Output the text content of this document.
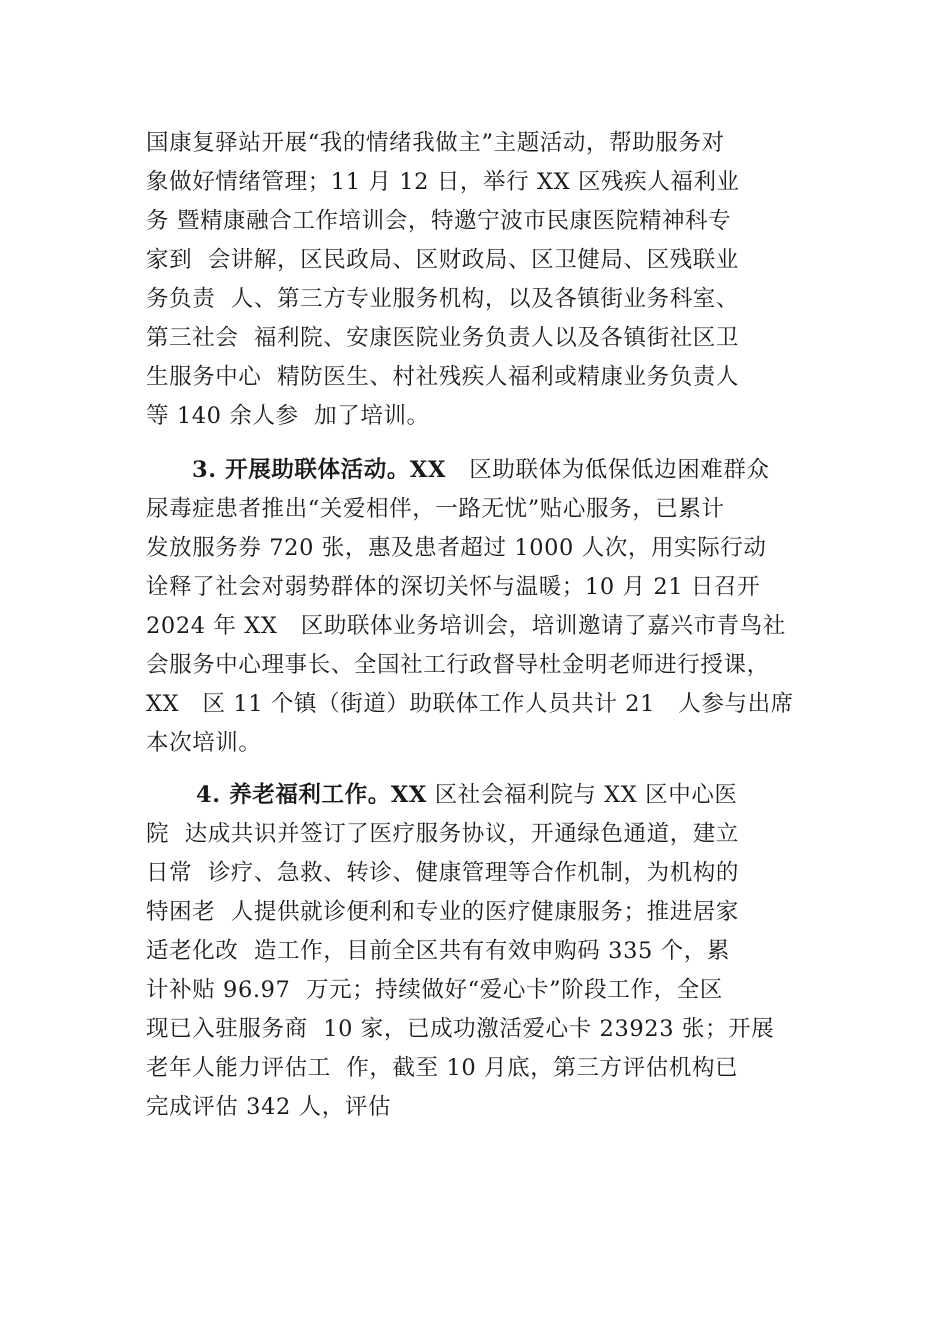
国康复驿站开展“我的情绪我做主”主题活动，帮助服务对
象做好情绪管理；11 月 12 日，举行 XX 区残疾人福利业
务 暨精康融合工作培训会，特邀宁波市民康医院精神科专
家到  会讲解，区民政局、区财政局、区卫健局、区残联业
务负责  人、第三方专业服务机构，以及各镇街业务科室、
第三社会  福利院、安康医院业务负责人以及各镇街社区卫
生服务中心  精防医生、村社残疾人福利或精康业务负责人
等 140 余人参  加了培训。
3. 开展助联体活动。XX   区助联体为低保低边困难群众
尿毒症患者推出“关爱相伴，一路无忧”贴心服务，已累计
发放服务券 720 张，惠及患者超过 1000 人次，用实际行动
诠释了社会对弱势群体的深切关怀与温暖；10 月 21 日召开
2024 年 XX   区助联体业务培训会，培训邀请了嘉兴市青鸟社
会服务中心理事长、全国社工行政督导杜金明老师进行授课，
XX   区 11 个镇（街道）助联体工作人员共计 21   人参与出席
本次培训。
4. 养老福利工作。XX 区社会福利院与 XX 区中心医
院  达成共识并签订了医疗服务协议，开通绿色通道，建立
日常  诊疗、急救、转诊、健康管理等合作机制，为机构的
特困老  人提供就诊便利和专业的医疗健康服务；推进居家
适老化改  造工作，目前全区共有有效申购码 335 个，累
计补贴 96.97  万元；持续做好“爱心卡”阶段工作，全区
现已入驻服务商  10 家，已成功激活爱心卡 23923 张；开展
老年人能力评估工  作，截至 10 月底，第三方评估机构已
完成评估 342 人，评估
